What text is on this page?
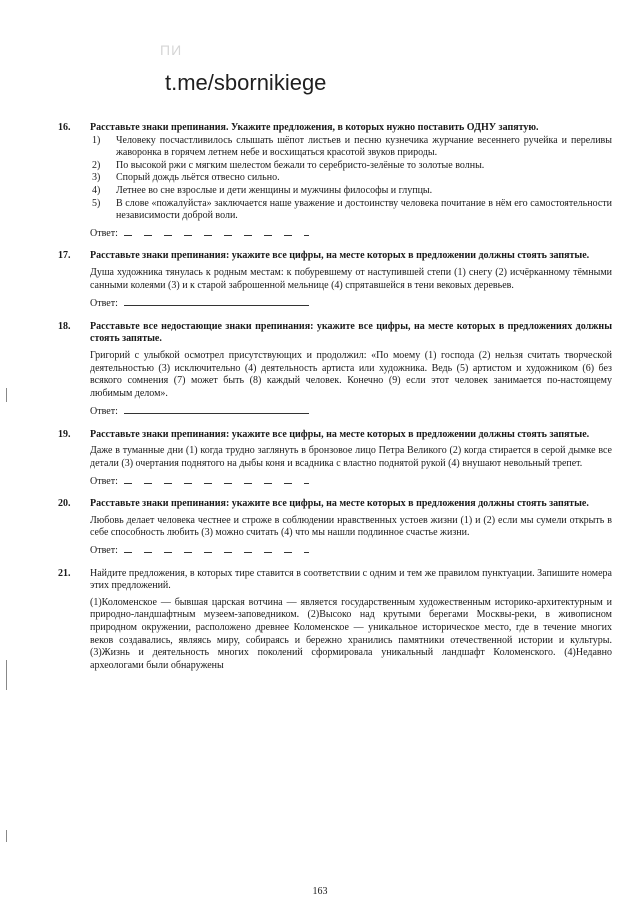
ПИ
t.me/sbornikiege
16. Расставьте знаки препинания. Укажите предложения, в которых нужно поставить ОДНУ запятую.
1) Человеку посчастливилось слышать шёпот листьев и песню кузнечика журчание весеннего ручейка и переливы жаворонка в горячем летнем небе и восхищаться красотой звуков природы.
2) По высокой ржи с мягким шелестом бежали то серебристо-зелёные то золотые волны.
3) Спорый дождь льётся отвесно сильно.
4) Летнее во сне взрослые и дети женщины и мужчины философы и глупцы.
5) В слове «пожалуйста» заключается наше уважение и достоинству человека почитание в нём его самостоятельности независимости доброй воли.
Ответ:
17. Расставьте знаки препинания: укажите все цифры, на месте которых в предложении должны стоять запятые.
Душа художника тянулась к родным местам: к побуревшему от наступившей степи (1) снегу (2) исчёрканному тёмными санными колеями (3) и к старой заброшенной мельнице (4) спрятавшейся в тени вековых деревьев.
Ответ:
18. Расставьте все недостающие знаки препинания: укажите все цифры, на месте которых в предложениях должны стоять запятые.
Григорий с улыбкой осмотрел присутствующих и продолжил: «По моему (1) господа (2) нельзя считать творческой деятельностью (3) исключительно (4) деятельность артиста или художника. Ведь (5) артистом и художником (6) без всякого сомнения (7) может быть (8) каждый человек. Конечно (9) если этот человек занимается по-настоящему любимым делом».
Ответ:
19. Расставьте знаки препинания: укажите все цифры, на месте которых в предложении должны стоять запятые.
Даже в туманные дни (1) когда трудно заглянуть в бронзовое лицо Петра Великого (2) когда стирается в серой дымке все детали (3) очертания поднятого на дыбы коня и всадника с властно поднятой рукой (4) внушают невольный трепет.
Ответ:
20. Расставьте знаки препинания: укажите все цифры, на месте которых в предложения должны стоять запятые.
Любовь делает человека честнее и строже в соблюдении нравственных устоев жизни (1) и (2) если мы сумели открыть в себе способность любить (3) можно считать (4) что мы нашли подлинное счастье жизни.
Ответ:
21. Найдите предложения, в которых тире ставится в соответствии с одним и тем же правилом пунктуации. Запишите номера этих предложений.
(1)Коломенское — бывшая царская вотчина — является государственным художественным историко-архитектурным и природно-ландшафтным музеем-заповедником. (2)Высоко над крутыми берегами Москвы-реки, в живописном природном окружении, расположено древнее Коломенское — уникальное историческое место, где в течение многих веков создавались, являясь миру, собираясь и бережно хранились памятники отечественной истории и культуры. (3)Жизнь и деятельность многих поколений сформировала уникальный ландшафт Коломенского. (4)Недавно археологами были обнаружены
163
